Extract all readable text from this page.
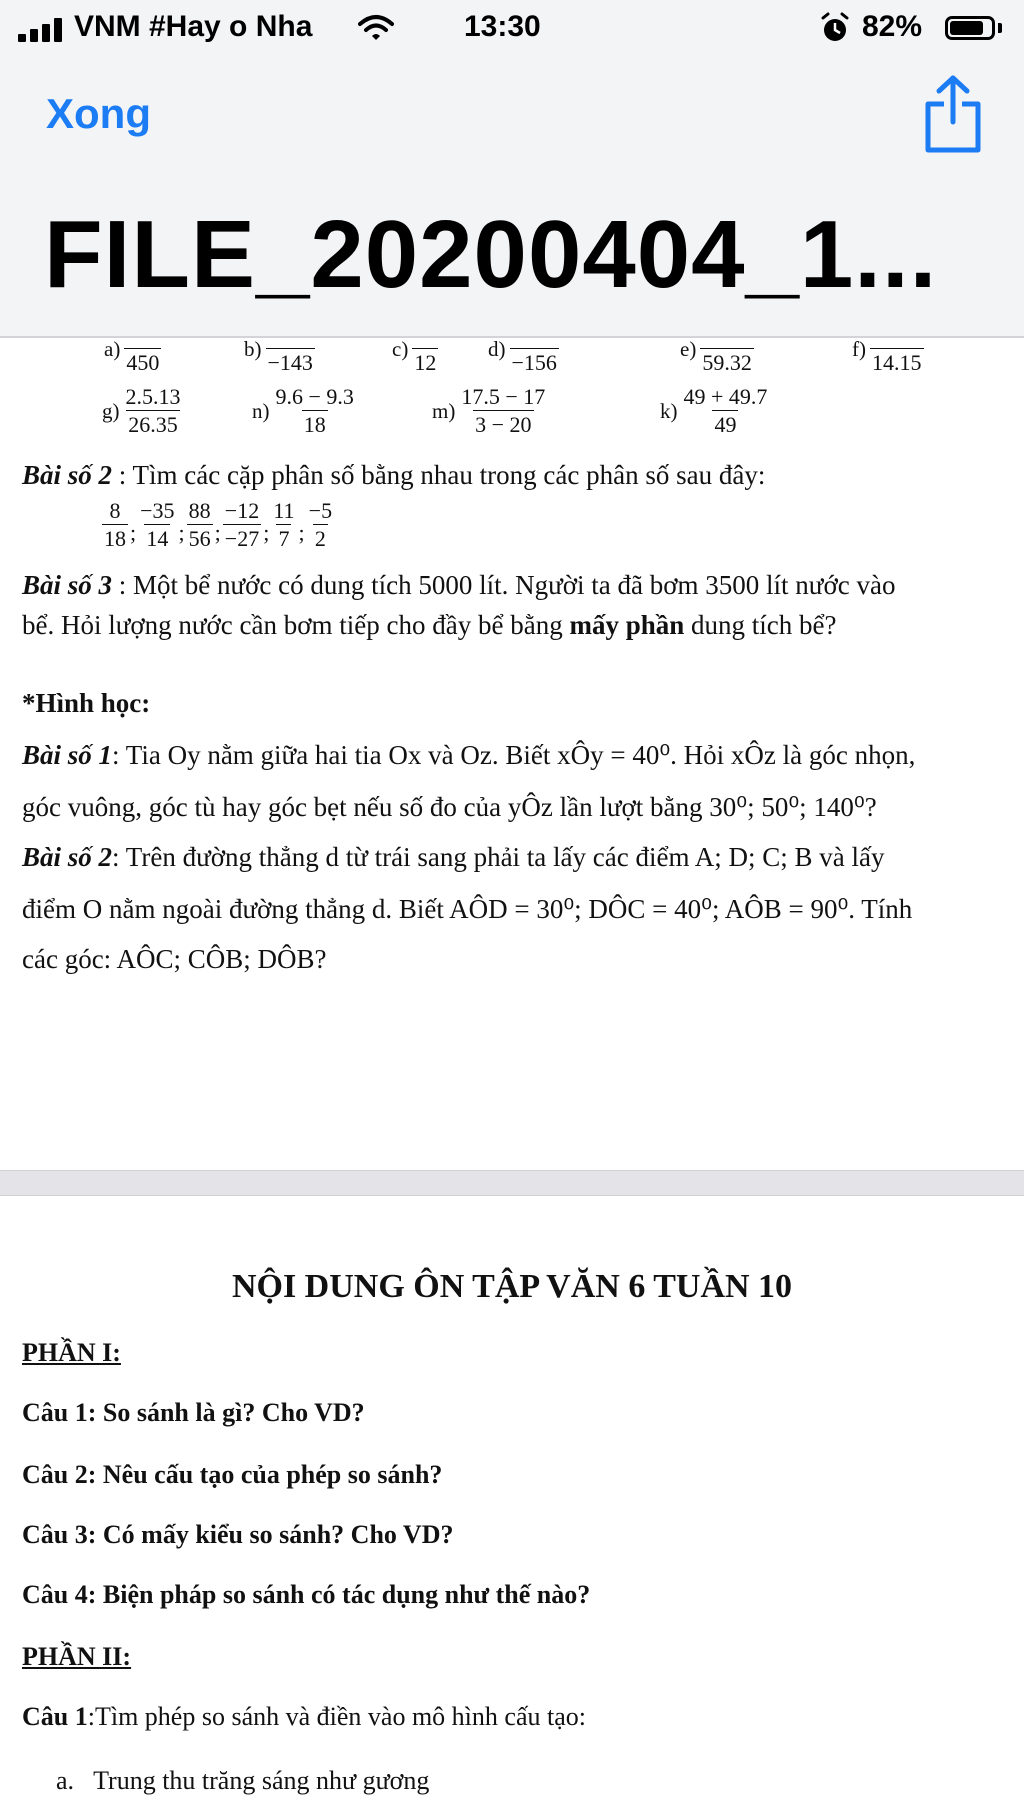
VNM #Hay o Nha	13:30	82%
Xong
FILE_20200404_1...
a)
450
b)
−143
c)
12
d)
−156
e)
59.32
f)
14.15
g)
2.5.13
26.35
n)
9.6 − 9.3
18
m)
17.5 − 17
3 − 20
k)
49 + 49.7
49
Bài số 2 : Tìm các cặp phân số bằng nhau trong các phân số sau đây:
8
18 ;
−35
14 ;
88
56 ;
−12
−27 ;
11
7 ;
−5
2
Bài số 3 : Một bể nước có dung tích 5000 lít. Người ta đã bơm 3500 lít nước vào
bể. Hỏi lượng nước cần bơm tiếp cho đầy bể bằng mấy phần dung tích bể?
*Hình học:
Bài số 1: Tia Oy nằm giữa hai tia Ox và Oz. Biết xÔy = 40⁰. Hỏi xÔz là góc nhọn,
góc vuông, góc tù hay góc bẹt nếu số đo của yÔz lần lượt bằng 30⁰; 50⁰; 140⁰?
Bài số 2: Trên đường thẳng d từ trái sang phải ta lấy các điểm A; D; C; B và lấy
điểm O nằm ngoài đường thẳng d. Biết AÔD = 30⁰; DÔC = 40⁰; AÔB = 90⁰. Tính
các góc: AÔC; CÔB; DÔB?
NỘI DUNG ÔN TẬP VĂN 6 TUẦN 10
PHẦN I:
Câu 1: So sánh là gì? Cho VD?
Câu 2: Nêu cấu tạo của phép so sánh?
Câu 3: Có mấy kiểu so sánh? Cho VD?
Câu 4: Biện pháp so sánh có tác dụng như thế nào?
PHẦN II:
Câu 1:Tìm phép so sánh và điền vào mô hình cấu tạo:
a.   Trung thu trăng sáng như gương
